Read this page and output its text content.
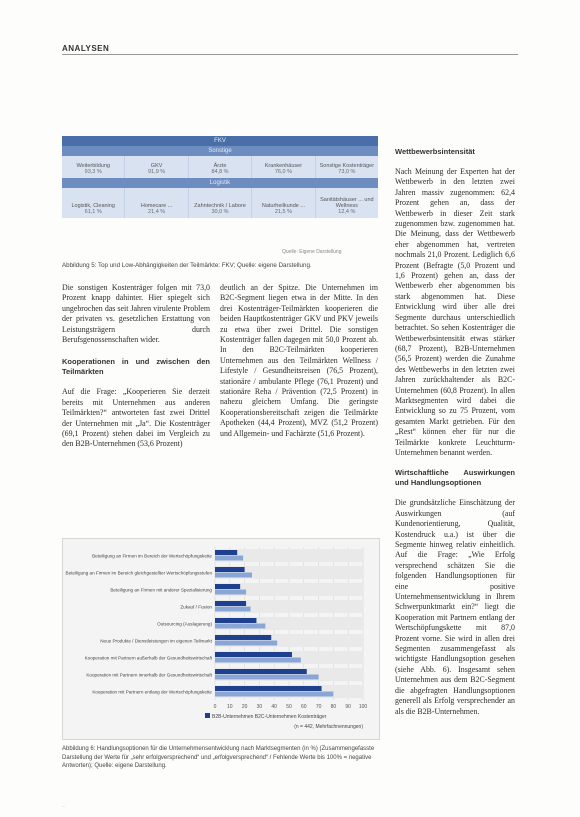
ANALYSEN
FKV
Sonstige
Weiterbildung
93,3 %
GKV
91,9 %
Ärzte
84,8 %
Krankenhäuser
76,0 %
Sonstige Kostenträger
73,0 %
Logistik
Logistik, Cleaning
61,1 %
Homecare ...
21,4 %
Zahntechnik / Labore
30,0 %
Naturheilkunde ...
21,5 %
Sanitätshäuser ... und Wellness
12,4 %
Quelle: Eigene Darstellung
Abbildung 5: Top und Low-Abhängigkeiten der Teilmärkte: FKV; Quelle: eigene Darstellung.

Die sonstigen Kostenträger folgen mit 73,0 Prozent knapp dahinter. Hier spiegelt sich ungebrochen das seit Jahren virulente Problem der privaten vs. gesetzlichen Erstattung von Leistungsträgern durch Berufsgenossenschaften wider.

Kooperationen in und zwischen den Teilmärkten

Auf die Frage: „Kooperieren Sie derzeit bereits mit Unternehmen aus anderen Teilmärkten?“ antworteten fast zwei Drittel der Unternehmen mit „Ja“. Die Kostenträger (69,1 Prozent) stehen dabei im Vergleich zu den B2B-Unternehmen (53,6 Prozent)

deutlich an der Spitze. Die Unternehmen im B2C-Segment liegen etwa in der Mitte. In den drei Kostenträger-Teilmärkten kooperieren die beiden Hauptkostenträger GKV und PKV jeweils zu etwa über zwei Drittel. Die sonstigen Kostenträger fallen dagegen mit 50,0 Prozent ab. In den B2C-Teilmärkten kooperieren Unternehmen aus den Teilmärkten Wellness / Lifestyle / Gesundheitsreisen (76,5 Prozent), stationäre / ambulante Pflege (76,1 Prozent) und stationäre Reha / Prävention (72,5 Prozent) in nahezu gleichem Umfang. Die geringste Kooperationsbereitschaft zeigen die Teilmärkte Apotheken (44,4 Prozent), MVZ (51,2 Prozent) und Allgemein- und Fachärzte (51,6 Prozent).

Wettbewerbsintensität

Nach Meinung der Experten hat der Wettbewerb in den letzten zwei Jahren massiv zugenommen: 62,4 Prozent gehen an, dass der Wettbewerb in dieser Zeit stark zugenommen bzw. zugenommen hat. Die Meinung, dass der Wettbewerb eher abgenommen hat, vertreten nochmals 21,0 Prozent. Lediglich 6,6 Prozent (Befragte (5,0 Prozent und 1,6 Prozent) gehen an, dass der Wettbewerb eher abgenommen bis stark abgenommen hat. Diese Entwicklung wird über alle drei Segmente durchaus unterschiedlich betrachtet. So sehen Kostenträger die Wettbewerbsintensität etwas stärker (68,7 Prozent), B2B-Unternehmen (56,5 Prozent) werden die Zunahme des Wettbewerbs in den letzten zwei Jahren zurückhaltender als B2C-Unternehmen (60,8 Prozent). In allen Marktsegmenten wird dabei die Entwicklung so zu 75 Prozent, vom gesamten Markt getrieben. Für den „Rest“ können eher für nur die Teilmärkte konkrete Leuchtturm-Unternehmen benannt werden.

Wirtschaftliche Auswirkungen und Handlungsoptionen

Die grundsätzliche Einschätzung der Auswirkungen (auf Kundenorientierung, Qualität, Kostendruck u.a.) ist über die Segmente hinweg relativ einheitlich. Auf die Frage: „Wie Erfolg versprechend schätzen Sie die folgenden Handlungsoptionen für eine positive Unternehmensentwicklung in Ihrem Schwerpunktmarkt ein?“ liegt die Kooperation mit Partnern entlang der Wertschöpfungskette mit 87,0 Prozent vorne. Sie wird in allen drei Segmenten zusammengefasst als wichtigste Handlungsoption gesehen (siehe Abb. 6). Insgesamt sehen Unternehmen aus dem B2C-Segment die abgefragten Handlungsoptionen generell als Erfolg versprechender an als die B2B-Unternehmen.

0 10 20 30 40 50 60 70 80 90 100
Beteiligung an Firmen im Bereich der Wertschöpfungskette
Beteiligung an Firmen im Bereich gleichgestellter Wertschöpfungsstufen
Beteiligung an Firmen mit anderer Spezialisierung
Zukauf / Fusion
Outsourcing (Auslagerung)
Neue Produkte / Dienstleistungen im eigenen Teilmarkt
Kooperation mit Partnern außerhalb der Gesundheitswirtschaft
Kooperation mit Partnern innerhalb der Gesundheitswirtschaft
Kooperation mit Partnern entlang der Wertschöpfungskette
B2B-Unternehmen B2C-Unternehmen Kostenträger
(n = 442, Mehrfachnennungen)
Abbildung 6: Handlungsoptionen für die Unternehmensentwicklung nach Marktsegmenten (in %) (Zusammengefasste Darstellung der Werte für „sehr erfolgversprechend“ und „erfolgversprechend“ / Fehlende Werte bis 100% = negative Antworten); Quelle: eigene Darstellung.
...
